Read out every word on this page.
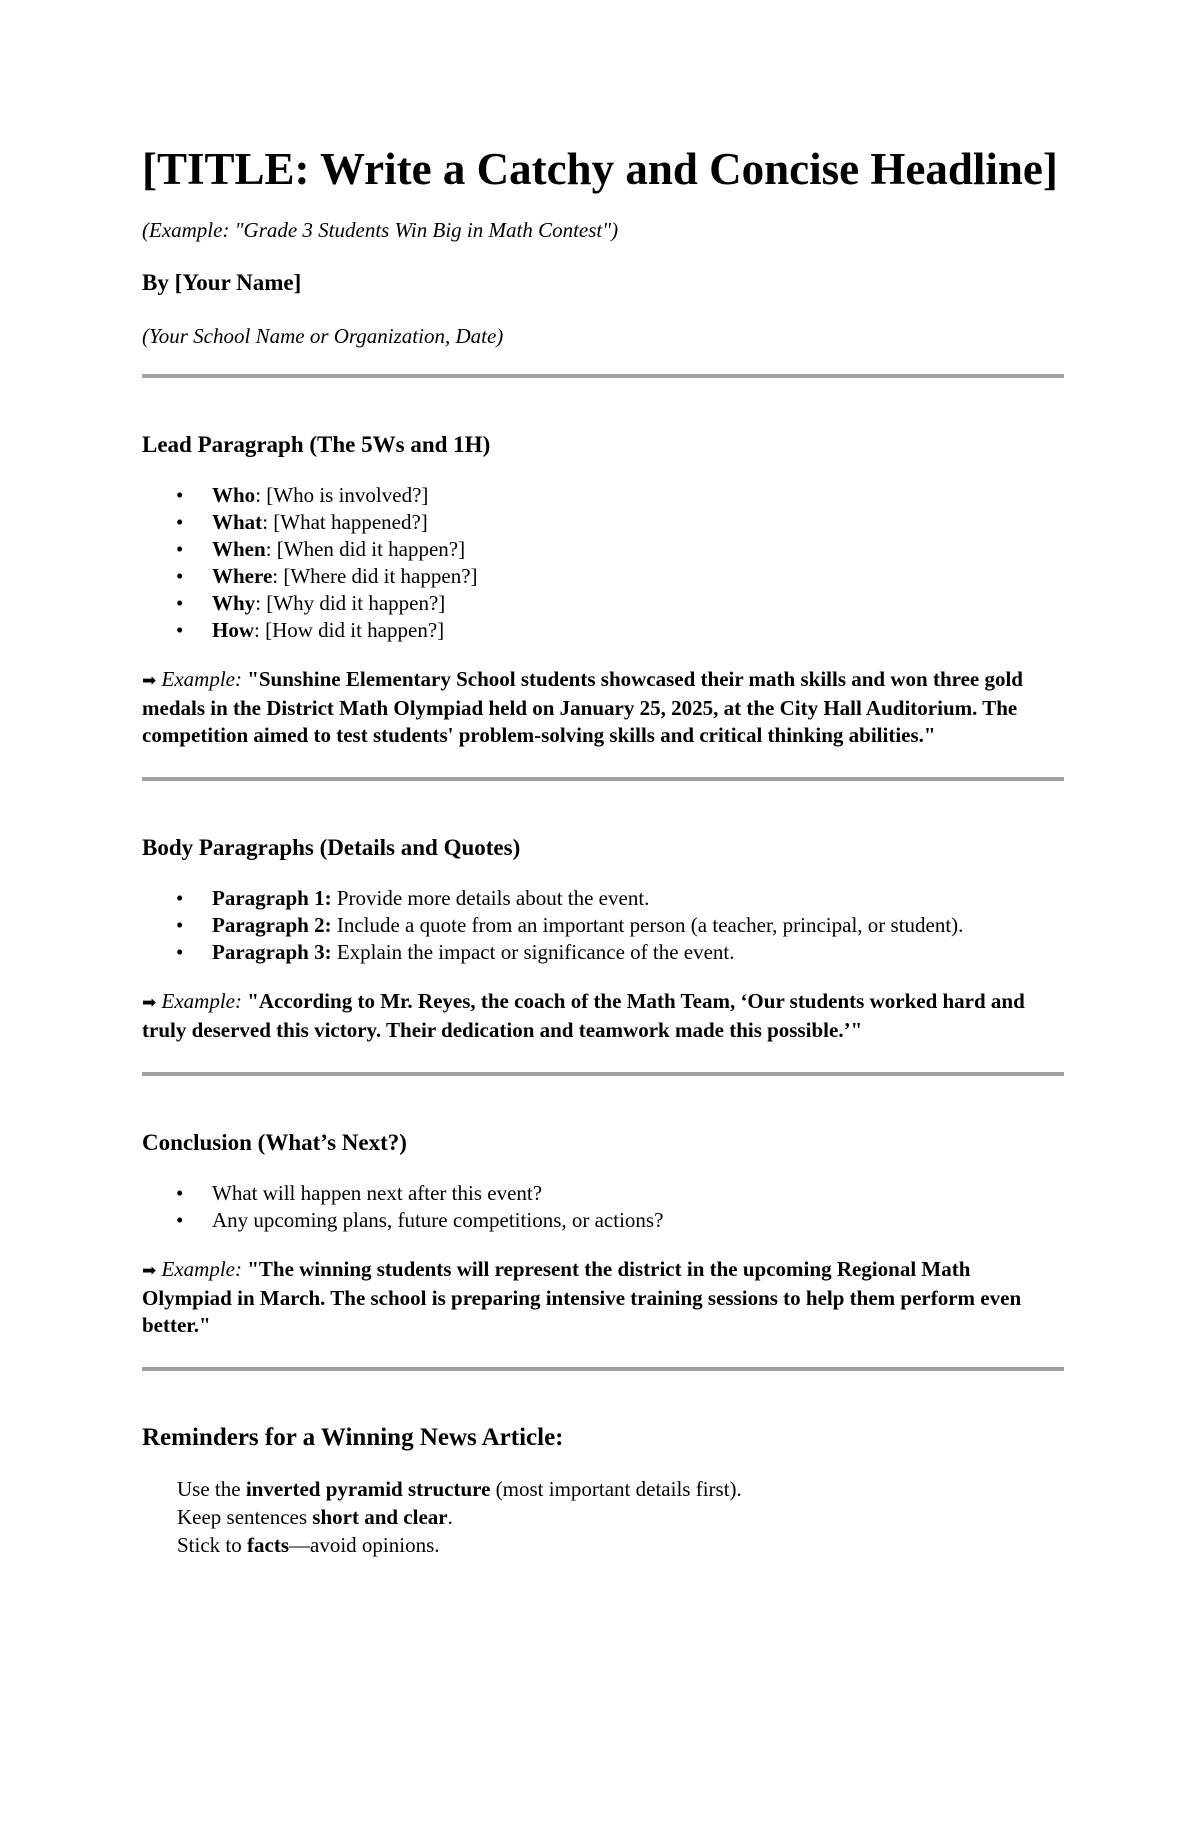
[TITLE: Write a Catchy and Concise Headline]

(Example: "Grade 3 Students Win Big in Math Contest")

By [Your Name]

(Your School Name or Organization, Date)

Lead Paragraph (The 5Ws and 1H)
• Who: [Who is involved?]
• What: [What happened?]
• When: [When did it happen?]
• Where: [Where did it happen?]
• Why: [Why did it happen?]
• How: [How did it happen?]

➡ Example: "Sunshine Elementary School students showcased their math skills and won three gold medals in the District Math Olympiad held on January 25, 2025, at the City Hall Auditorium. The competition aimed to test students' problem-solving skills and critical thinking abilities."

Body Paragraphs (Details and Quotes)
• Paragraph 1: Provide more details about the event.
• Paragraph 2: Include a quote from an important person (a teacher, principal, or student).
• Paragraph 3: Explain the impact or significance of the event.

➡ Example: "According to Mr. Reyes, the coach of the Math Team, ‘Our students worked hard and truly deserved this victory. Their dedication and teamwork made this possible.’"

Conclusion (What’s Next?)
• What will happen next after this event?
• Any upcoming plans, future competitions, or actions?

➡ Example: "The winning students will represent the district in the upcoming Regional Math Olympiad in March. The school is preparing intensive training sessions to help them perform even better."

Reminders for a Winning News Article:
Use the inverted pyramid structure (most important details first).
Keep sentences short and clear.
Stick to facts—avoid opinions.
